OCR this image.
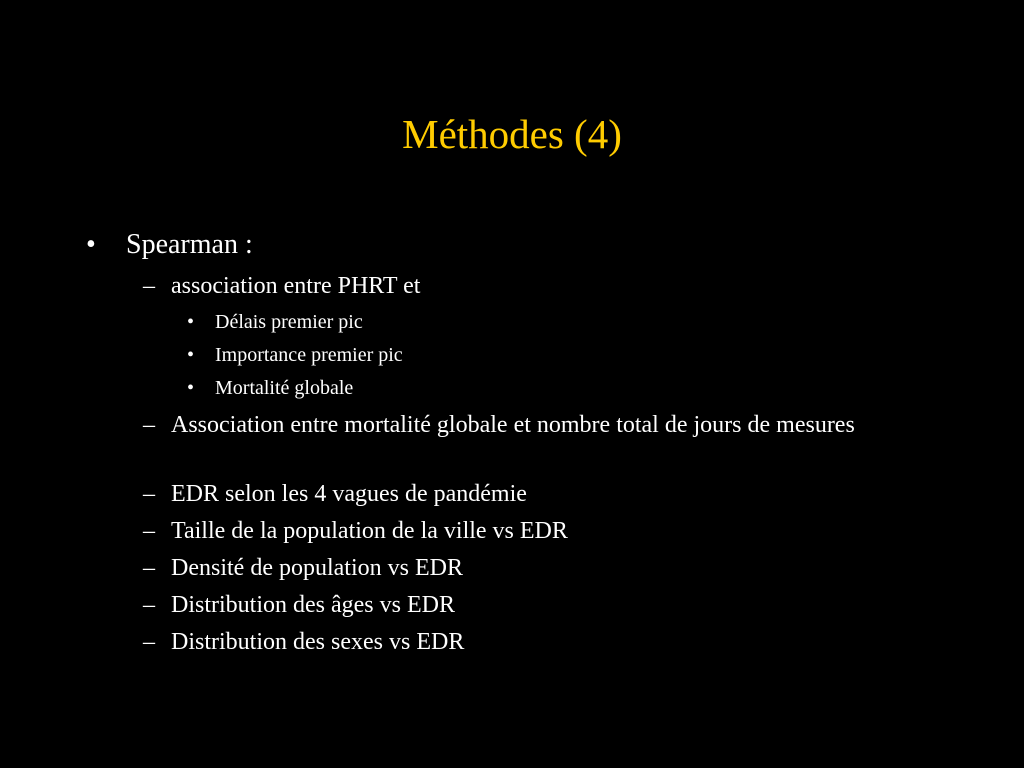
Méthodes (4)
• Spearman :
– association entre PHRT et
• Délais premier pic
• Importance premier pic
• Mortalité globale
– Association entre mortalité globale et nombre total de jours de mesures
– EDR selon les 4 vagues de pandémie
– Taille de la population de la ville vs EDR
– Densité de population vs EDR
– Distribution des âges vs EDR
– Distribution des sexes vs EDR
